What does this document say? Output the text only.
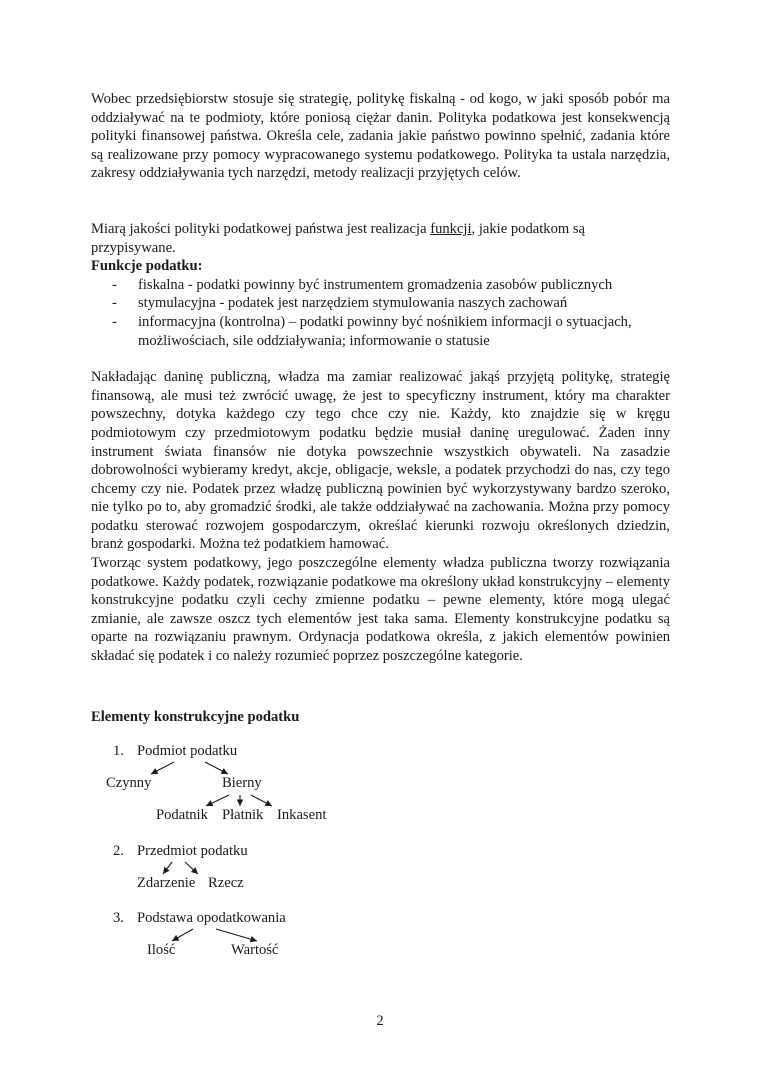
Wobec przedsiębiorstw stosuje się strategię, politykę fiskalną - od kogo, w jaki sposób pobór ma oddziaływać na te podmioty, które poniosą ciężar danin. Polityka podatkowa jest konsekwencją polityki finansowej państwa. Określa cele, zadania jakie państwo powinno spełnić, zadania które są realizowane przy pomocy wypracowanego systemu podatkowego. Polityka ta ustala narzędzia, zakresy oddziaływania tych narzędzi, metody realizacji przyjętych celów.

Miarą jakości polityki podatkowej państwa jest realizacja funkcji, jakie podatkom są przypisywane.

Funkcje podatku:

- fiskalna - podatki powinny być instrumentem gromadzenia zasobów publicznych
- stymulacyjna - podatek jest narzędziem stymulowania naszych zachowań
- informacyjna (kontrolna) – podatki powinny być nośnikiem informacji o sytuacjach, możliwościach, sile oddziaływania; informowanie o statusie

Nakładając daninę publiczną, władza ma zamiar realizować jakąś przyjętą politykę, strategię finansową, ale musi też zwrócić uwagę, że jest to specyficzny instrument, który ma charakter powszechny, dotyka każdego czy tego chce czy nie. Każdy, kto znajdzie się w kręgu podmiotowym czy przedmiotowym podatku będzie musiał daninę uregulować. Żaden inny instrument świata finansów nie dotyka powszechnie wszystkich obywateli. Na zasadzie dobrowolności wybieramy kredyt, akcje, obligacje, weksle, a podatek przychodzi do nas, czy tego chcemy czy nie. Podatek przez władzę publiczną powinien być wykorzystywany bardzo szeroko, nie tylko po to, aby gromadzić środki, ale także oddziaływać na zachowania. Można przy pomocy podatku sterować rozwojem gospodarczym, określać kierunki rozwoju określonych dziedzin, branż gospodarki. Można też podatkiem hamować.

Tworząc system podatkowy, jego poszczególne elementy władza publiczna tworzy rozwiązania podatkowe. Każdy podatek, rozwiązanie podatkowe ma określony układ konstrukcyjny – elementy konstrukcyjne podatku czyli cechy zmienne podatku – pewne elementy, które mogą ulegać zmianie, ale zawsze oszcz tych elementów jest taka sama. Elementy konstrukcyjne podatku są oparte na rozwiązaniu prawnym. Ordynacja podatkowa określa, z jakich elementów powinien składać się podatek i co należy rozumieć poprzez poszczególne kategorie.

Elementy konstrukcyjne podatku
1. Podmiot podatku
Czynny	Bierny
Podatnik Płatnik Inkasent
2. Przedmiot podatku
Zdarzenie Rzecz
3. Podstawa opodatkowania
Ilość	Wartość
2
